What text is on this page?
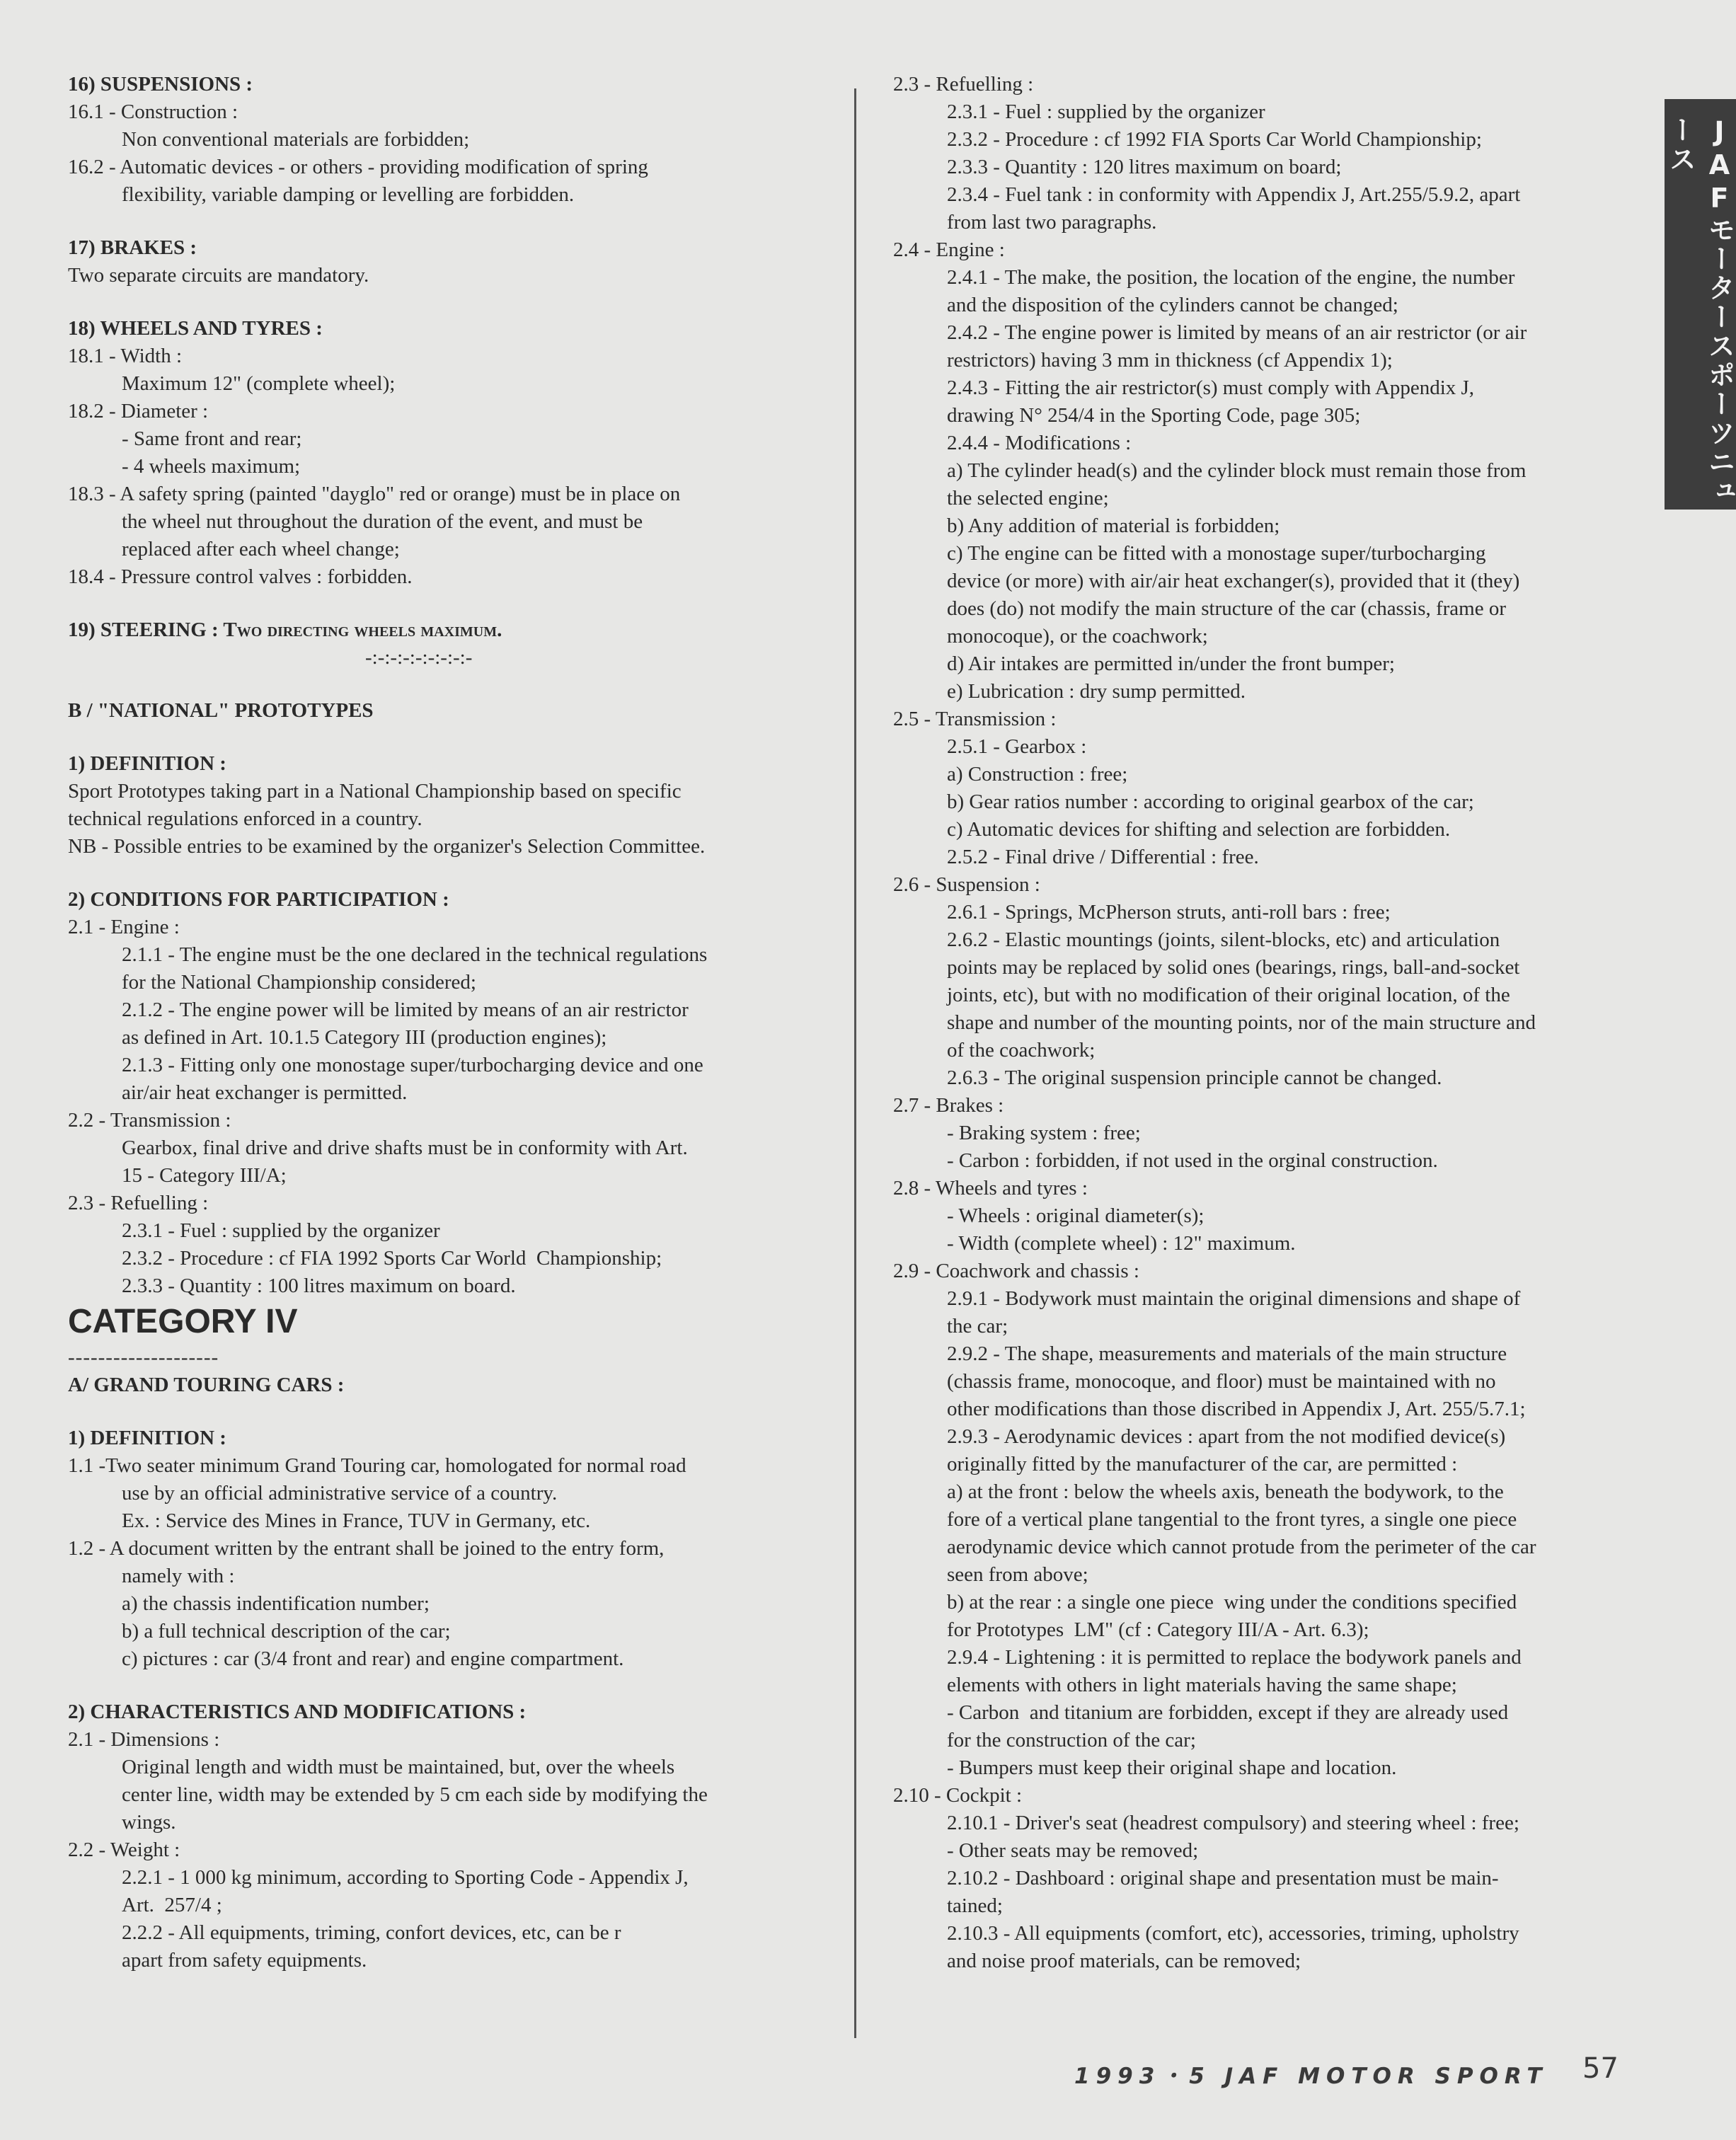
16) SUSPENSIONS :
16.1 - Construction :
Non conventional materials are forbidden;
16.2 - Automatic devices - or others - providing modification of spring
flexibility, variable damping or levelling are forbidden.
17) BRAKES :
Two separate circuits are mandatory.
18) WHEELS AND TYRES :
18.1 - Width :
Maximum 12" (complete wheel);
18.2 - Diameter :
- Same front and rear;
- 4 wheels maximum;
18.3 - A safety spring (painted "dayglo" red or orange) must be in place on
the wheel nut throughout the duration of the event, and must be
replaced after each wheel change;
18.4 - Pressure control valves : forbidden.
19) STEERING : Two directing wheels maximum.
-:-:-:-:-:-:-:-:-
B / "NATIONAL" PROTOTYPES
1) DEFINITION :
Sport Prototypes taking part in a National Championship based on specific
technical regulations enforced in a country.
NB - Possible entries to be examined by the organizer's Selection Committee.
2) CONDITIONS FOR PARTICIPATION :
2.1 - Engine :
2.1.1 - The engine must be the one declared in the technical regulations
for the National Championship considered;
2.1.2 - The engine power will be limited by means of an air restrictor
as defined in Art. 10.1.5 Category III (production engines);
2.1.3 - Fitting only one monostage super/turbocharging device and one
air/air heat exchanger is permitted.
2.2 - Transmission :
Gearbox, final drive and drive shafts must be in conformity with Art.
15 - Category III/A;
2.3 - Refuelling :
2.3.1 - Fuel : supplied by the organizer
2.3.2 - Procedure : cf FIA 1992 Sports Car World  Championship;
2.3.3 - Quantity : 100 litres maximum on board.
CATEGORY IV
--------------------
A/ GRAND TOURING CARS :
1) DEFINITION :
1.1 -Two seater minimum Grand Touring car, homologated for normal road
use by an official administrative service of a country.
Ex. : Service des Mines in France, TUV in Germany, etc.
1.2 - A document written by the entrant shall be joined to the entry form,
namely with :
a) the chassis indentification number;
b) a full technical description of the car;
c) pictures : car (3/4 front and rear) and engine compartment.
2) CHARACTERISTICS AND MODIFICATIONS :
2.1 - Dimensions :
Original length and width must be maintained, but, over the wheels
center line, width may be extended by 5 cm each side by modifying the
wings.
2.2 - Weight :
2.2.1 - 1 000 kg minimum, according to Sporting Code - Appendix J,
Art.  257/4 ;
2.2.2 - All equipments, triming, confort devices, etc, can be r
apart from safety equipments.
2.3 - Refuelling :
2.3.1 - Fuel : supplied by the organizer
2.3.2 - Procedure : cf 1992 FIA Sports Car World Championship;
2.3.3 - Quantity : 120 litres maximum on board;
2.3.4 - Fuel tank : in conformity with Appendix J, Art.255/5.9.2, apart
from last two paragraphs.
2.4 - Engine :
2.4.1 - The make, the position, the location of the engine, the number
and the disposition of the cylinders cannot be changed;
2.4.2 - The engine power is limited by means of an air restrictor (or air
restrictors) having 3 mm in thickness (cf Appendix 1);
2.4.3 - Fitting the air restrictor(s) must comply with Appendix J,
drawing N° 254/4 in the Sporting Code, page 305;
2.4.4 - Modifications :
a) The cylinder head(s) and the cylinder block must remain those from
the selected engine;
b) Any addition of material is forbidden;
c) The engine can be fitted with a monostage super/turbocharging
device (or more) with air/air heat exchanger(s), provided that it (they)
does (do) not modify the main structure of the car (chassis, frame or
monocoque), or the coachwork;
d) Air intakes are permitted in/under the front bumper;
e) Lubrication : dry sump permitted.
2.5 - Transmission :
2.5.1 - Gearbox :
a) Construction : free;
b) Gear ratios number : according to original gearbox of the car;
c) Automatic devices for shifting and selection are forbidden.
2.5.2 - Final drive / Differential : free.
2.6 - Suspension :
2.6.1 - Springs, McPherson struts, anti-roll bars : free;
2.6.2 - Elastic mountings (joints, silent-blocks, etc) and articulation
points may be replaced by solid ones (bearings, rings, ball-and-socket
joints, etc), but with no modification of their original location, of the
shape and number of the mounting points, nor of the main structure and
of the coachwork;
2.6.3 - The original suspension principle cannot be changed.
2.7 - Brakes :
- Braking system : free;
- Carbon : forbidden, if not used in the orginal construction.
2.8 - Wheels and tyres :
- Wheels : original diameter(s);
- Width (complete wheel) : 12" maximum.
2.9 - Coachwork and chassis :
2.9.1 - Bodywork must maintain the original dimensions and shape of
the car;
2.9.2 - The shape, measurements and materials of the main structure
(chassis frame, monocoque, and floor) must be maintained with no
other modifications than those discribed in Appendix J, Art. 255/5.7.1;
2.9.3 - Aerodynamic devices : apart from the not modified device(s)
originally fitted by the manufacturer of the car, are permitted :
a) at the front : below the wheels axis, beneath the bodywork, to the
fore of a vertical plane tangential to the front tyres, a single one piece
aerodynamic device which cannot protude from the perimeter of the car
seen from above;
b) at the rear : a single one piece  wing under the conditions specified
for Prototypes  LM" (cf : Category III/A - Art. 6.3);
2.9.4 - Lightening : it is permitted to replace the bodywork panels and
elements with others in light materials having the same shape;
- Carbon  and titanium are forbidden, except if they are already used
for the construction of the car;
- Bumpers must keep their original shape and location.
2.10 - Cockpit :
2.10.1 - Driver's seat (headrest compulsory) and steering wheel : free;
- Other seats may be removed;
2.10.2 - Dashboard : original shape and presentation must be main-
tained;
2.10.3 - All equipments (comfort, etc), accessories, triming, upholstry
and noise proof materials, can be removed;
JAFモータースポーツニュース
1993・5 JAF MOTOR SPORT 57
